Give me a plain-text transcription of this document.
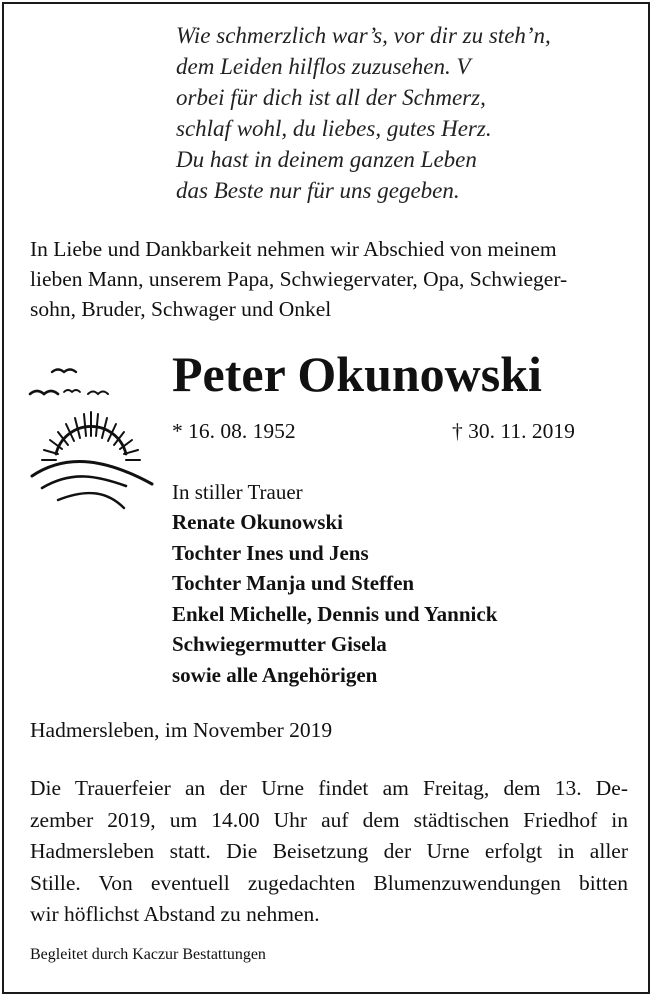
Wie schmerzlich war’s, vor dir zu steh’n,
dem Leiden hilflos zuzusehen. V
orbei für dich ist all der Schmerz,
schlaf wohl, du liebes, gutes Herz.
Du hast in deinem ganzen Leben
das Beste nur für uns gegeben.
In Liebe und Dankbarkeit nehmen wir Abschied von meinem
lieben Mann, unserem Papa, Schwiegervater, Opa, Schwieger-
sohn, Bruder, Schwager und Onkel
Peter Okunowski
* 16. 08. 1952	† 30. 11. 2019
In stiller Trauer
Renate Okunowski
Tochter Ines und Jens
Tochter Manja und Steffen
Enkel Michelle, Dennis und Yannick
Schwiegermutter Gisela
sowie alle Angehörigen
Hadmersleben, im November 2019
Die Trauerfeier an der Urne findet am Freitag, dem 13. De-
zember 2019, um 14.00 Uhr auf dem städtischen Friedhof in
Hadmersleben statt. Die Beisetzung der Urne erfolgt in aller
Stille. Von eventuell zugedachten Blumenzuwendungen bitten
wir höflichst Abstand zu nehmen.
Begleitet durch Kaczur Bestattungen
